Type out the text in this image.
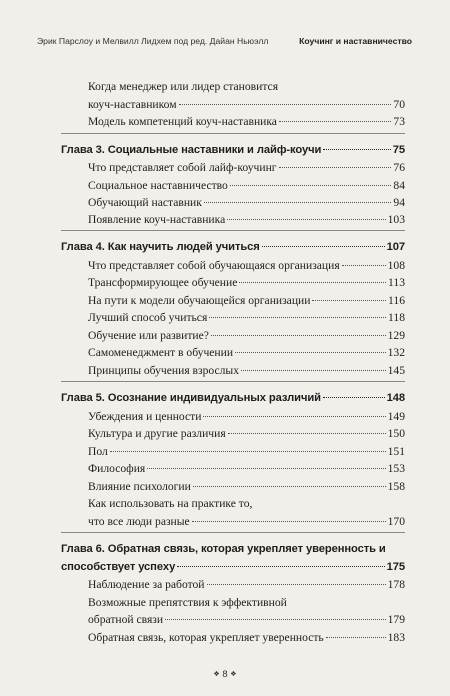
Эрик Парслоу и Мелвилл Лидхем под ред. Дайан Ньюэлл	Коучинг и наставничество
Когда менеджер или лидер становится
коуч-наставником	70
Модель компетенций коуч-наставника	73
Глава 3. Социальные наставники и лайф-коучи	75
Что представляет собой лайф-коучинг	76
Социальное наставничество	84
Обучающий наставник	94
Появление коуч-наставника	103
Глава 4. Как научить людей учиться	107
Что представляет собой обучающаяся организация	108
Трансформирующее обучение	113
На пути к модели обучающейся организации	116
Лучший способ учиться	118
Обучение или развитие?	129
Самоменеджмент в обучении	132
Принципы обучения взрослых	145
Глава 5. Осознание индивидуальных различий	148
Убеждения и ценности	149
Культура и другие различия	150
Пол	151
Философия	153
Влияние психологии	158
Как использовать на практике то,
что все люди разные	170
Глава 6. Обратная связь, которая укрепляет уверенность и
способствует успеху	175
Наблюдение за работой	178
Возможные препятствия к эффективной
обратной связи	179
Обратная связь, которая укрепляет уверенность	183
❖ 8 ❖
